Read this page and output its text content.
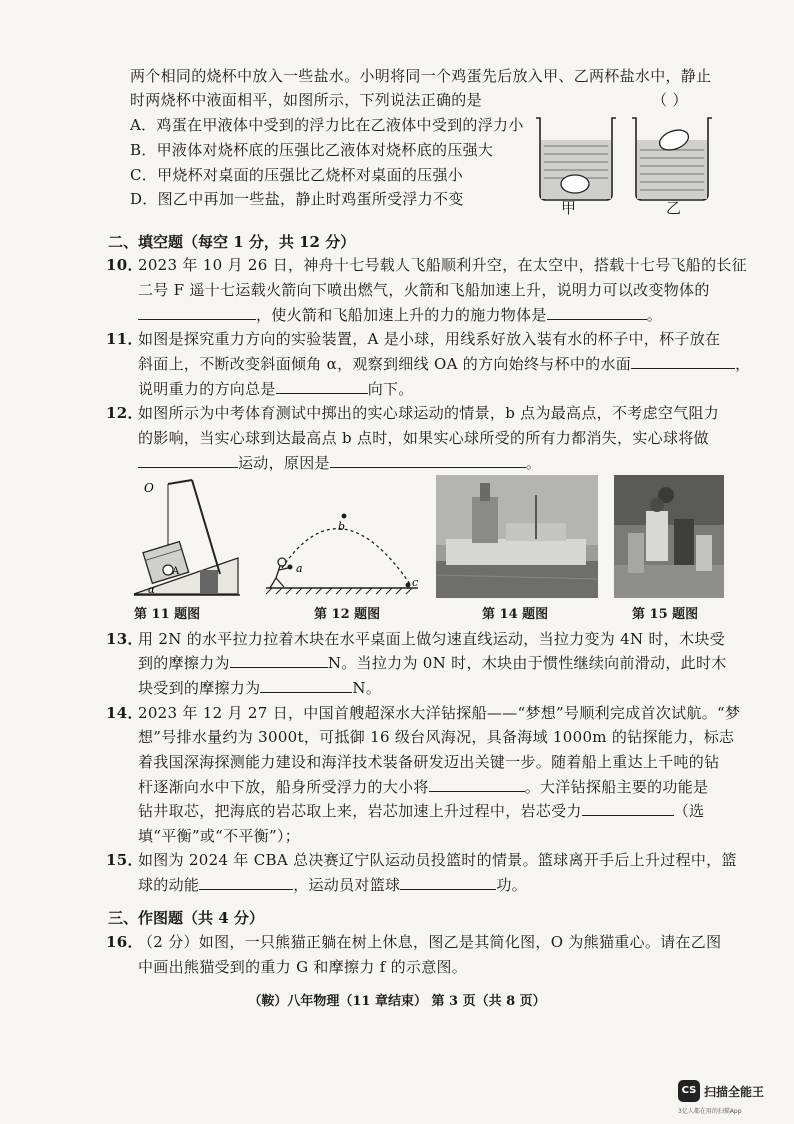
两个相同的烧杯中放入一些盐水。小明将同一个鸡蛋先后放入甲、乙两杯盐水中，静止
时两烧杯中液面相平，如图所示，下列说法正确的是	（ ）
A．鸡蛋在甲液体中受到的浮力比在乙液体中受到的浮力小
B．甲液体对烧杯底的压强比乙液体对烧杯底的压强大
C．甲烧杯对桌面的压强比乙烧杯对桌面的压强小
D．图乙中再加一些盐，静止时鸡蛋所受浮力不变	甲	乙
二、填空题（每空 1 分，共 12 分）
10．
2023 年 10 月 26 日，神舟十七号载人飞船顺利升空，在太空中，搭载十七号飞船的长征
二号 F 遥十七运载火箭向下喷出燃气，火箭和飞船加速上升，说明力可以改变物体的
，使火箭和飞船加速上升的力的施力物体是	。
11．
如图是探究重力方向的实验装置，A 是小球，用线系好放入装有水的杯子中，杯子放在
斜面上，不断改变斜面倾角 α，观察到细线 OA 的方向始终与杯中的水面	，
说明重力的方向总是	向下。
12．
如图所示为中考体育测试中掷出的实心球运动的情景，b 点为最高点，不考虑空气阻力
的影响，当实心球到达最高点 b 点时，如果实心球所受的所有力都消失，实心球将做
运动，原因是	。
O
A
α
a
b
c
第 11 题图	第 12 题图	第 14 题图	第 15 题图
13．
用 2N 的水平拉力拉着木块在水平桌面上做匀速直线运动，当拉力变为 4N 时，木块受
到的摩擦力为	N。当拉力为 0N 时，木块由于惯性继续向前滑动，此时木
块受到的摩擦力为	N。
14．
2023 年 12 月 27 日，中国首艘超深水大洋钻探船——“梦想”号顺利完成首次试航。“梦
想”号排水量约为 3000t，可抵御 16 级台风海况，具备海域 1000m 的钻探能力，标志
着我国深海探测能力建设和海洋技术装备研发迈出关键一步。随着船上重达上千吨的钻
杆逐渐向水中下放，船身所受浮力的大小将	。大洋钻探船主要的功能是
钻井取芯，把海底的岩芯取上来，岩芯加速上升过程中，岩芯受力	（选
填“平衡”或“不平衡”）；
15．
如图为 2024 年 CBA 总决赛辽宁队运动员投篮时的情景。篮球离开手后上升过程中，篮
球的动能	，运动员对篮球	功。
三、作图题（共 4 分）
16．
（2 分）如图，一只熊猫正躺在树上休息，图乙是其简化图，O 为熊猫重心。请在乙图
中画出熊猫受到的重力 G 和摩擦力 f 的示意图。
（鞍）八年物理（11 章结束） 第 3 页（共 8 页）
CS 扫描全能王
3亿人都在用的扫描App
